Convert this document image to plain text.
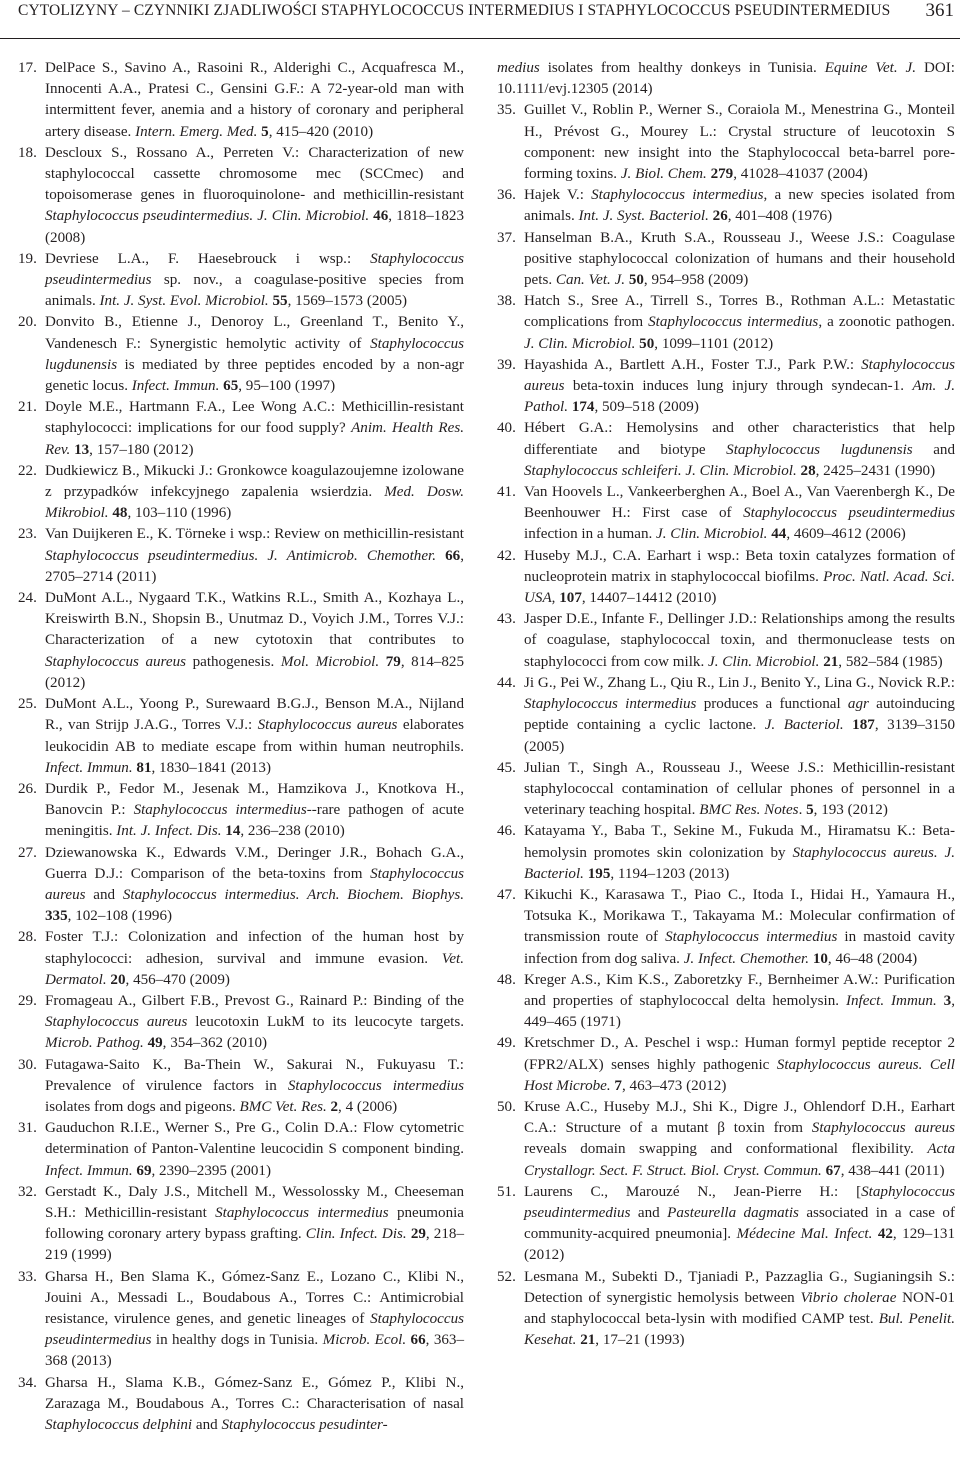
CYTOLIZYNY – CZYNNIKI ZJADLIWOŚCI STAPHYLOCOCCUS INTERMEDIUS I STAPHYLOCOCCUS PSEUDINTERMEDIUS 361

17. DelPace S., Savino A., Rasoini R., Alderighi C., Acquafresca M., Innocenti A.A., Pratesi C., Gensini G.F.: A 72-year-old man with intermittent fever, anemia and a history of coronary and peripheral artery disease. Intern. Emerg. Med. 5, 415–420 (2010)

18. Descloux S., Rossano A., Perreten V.: Characterization of new staphylococcal cassette chromosome mec (SCCmec) and topoisomerase genes in fluoroquinolone- and methicillin-resistant Staphylococcus pseudintermedius. J. Clin. Microbiol. 46, 1818–1823 (2008)

19. Devriese L.A., F. Haesebrouck i wsp.: Staphylococcus pseudintermedius sp. nov., a coagulase-positive species from animals. Int. J. Syst. Evol. Microbiol. 55, 1569–1573 (2005)

20. Donvito B., Etienne J., Denoroy L., Greenland T., Benito Y., Vandenesch F.: Synergistic hemolytic activity of Staphylococcus lugdunensis is mediated by three peptides encoded by a non-agr genetic locus. Infect. Immun. 65, 95–100 (1997)

21. Doyle M.E., Hartmann F.A., Lee Wong A.C.: Methicillin-resistant staphylococci: implications for our food supply? Anim. Health Res. Rev. 13, 157–180 (2012)

22. Dudkiewicz B., Mikucki J.: Gronkowce koagulazoujemne izolowane z przypadków infekcyjnego zapalenia wsierdzia. Med. Dosw. Mikrobiol. 48, 103–110 (1996)

23. Van Duijkeren E., K. Törneke i wsp.: Review on methicillin-resistant Staphylococcus pseudintermedius. J. Antimicrob. Chemother. 66, 2705–2714 (2011)

24. DuMont A.L., Nygaard T.K., Watkins R.L., Smith A., Kozhaya L., Kreiswirth B.N., Shopsin B., Unutmaz D., Voyich J.M., Torres V.J.: Characterization of a new cytotoxin that contributes to Staphylococcus aureus pathogenesis. Mol. Microbiol. 79, 814–825 (2012)

25. DuMont A.L., Yoong P., Surewaard B.G.J., Benson M.A., Nijland R., van Strijp J.A.G., Torres V.J.: Staphylococcus aureus elaborates leukocidin AB to mediate escape from within human neutrophils. Infect. Immun. 81, 1830–1841 (2013)

26. Durdik P., Fedor M., Jesenak M., Hamzikova J., Knotkova H., Banovcin P.: Staphylococcus intermedius--rare pathogen of acute meningitis. Int. J. Infect. Dis. 14, 236–238 (2010)

27. Dziewanowska K., Edwards V.M., Deringer J.R., Bohach G.A., Guerra D.J.: Comparison of the beta-toxins from Staphylococcus aureus and Staphylococcus intermedius. Arch. Biochem. Biophys. 335, 102–108 (1996)

28. Foster T.J.: Colonization and infection of the human host by staphylococci: adhesion, survival and immune evasion. Vet. Dermatol. 20, 456–470 (2009)

29. Fromageau A., Gilbert F.B., Prevost G., Rainard P.: Binding of the Staphylococcus aureus leucotoxin LukM to its leucocyte targets. Microb. Pathog. 49, 354–362 (2010)

30. Futagawa-Saito K., Ba-Thein W., Sakurai N., Fukuyasu T.: Prevalence of virulence factors in Staphylococcus intermedius isolates from dogs and pigeons. BMC Vet. Res. 2, 4 (2006)

31. Gauduchon R.I.E., Werner S., Pre G., Colin D.A.: Flow cytometric determination of Panton-Valentine leucocidin S component binding. Infect. Immun. 69, 2390–2395 (2001)

32. Gerstadt K., Daly J.S., Mitchell M., Wessolossky M., Cheeseman S.H.: Methicillin-resistant Staphylococcus intermedius pneumonia following coronary artery bypass grafting. Clin. Infect. Dis. 29, 218–219 (1999)

33. Gharsa H., Ben Slama K., Gómez-Sanz E., Lozano C., Klibi N., Jouini A., Messadi L., Boudabous A., Torres C.: Antimicrobial resistance, virulence genes, and genetic lineages of Staphylococcus pseudintermedius in healthy dogs in Tunisia. Microb. Ecol. 66, 363–368 (2013)

34. Gharsa H., Slama K.B., Gómez-Sanz E., Gómez P., Klibi N., Zarazaga M., Boudabous A., Torres C.: Characterisation of nasal Staphylococcus delphini and Staphylococcus pesudinter-

medius isolates from healthy donkeys in Tunisia. Equine Vet. J. DOI: 10.1111/evj.12305 (2014)

35. Guillet V., Roblin P., Werner S., Coraiola M., Menestrina G., Monteil H., Prévost G., Mourey L.: Crystal structure of leucotoxin S component: new insight into the Staphylococcal beta-barrel pore-forming toxins. J. Biol. Chem. 279, 41028–41037 (2004)

36. Hajek V.: Staphylococcus intermedius, a new species isolated from animals. Int. J. Syst. Bacteriol. 26, 401–408 (1976)

37. Hanselman B.A., Kruth S.A., Rousseau J., Weese J.S.: Coagulase positive staphylococcal colonization of humans and their household pets. Can. Vet. J. 50, 954–958 (2009)

38. Hatch S., Sree A., Tirrell S., Torres B., Rothman A.L.: Metastatic complications from Staphylococcus intermedius, a zoonotic pathogen. J. Clin. Microbiol. 50, 1099–1101 (2012)

39. Hayashida A., Bartlett A.H., Foster T.J., Park P.W.: Staphylococcus aureus beta-toxin induces lung injury through syndecan-1. Am. J. Pathol. 174, 509–518 (2009)

40. Hébert G.A.: Hemolysins and other characteristics that help differentiate and biotype Staphylococcus lugdunensis and Staphylococcus schleiferi. J. Clin. Microbiol. 28, 2425–2431 (1990)

41. Van Hoovels L., Vankeerberghen A., Boel A., Van Vaerenbergh K., De Beenhouwer H.: First case of Staphylococcus pseudintermedius infection in a human. J. Clin. Microbiol. 44, 4609–4612 (2006)

42. Huseby M.J., C.A. Earhart i wsp.: Beta toxin catalyzes formation of nucleoprotein matrix in staphylococcal biofilms. Proc. Natl. Acad. Sci. USA, 107, 14407–14412 (2010)

43. Jasper D.E., Infante F., Dellinger J.D.: Relationships among the results of coagulase, staphylococcal toxin, and thermonuclease tests on staphylococci from cow milk. J. Clin. Microbiol. 21, 582–584 (1985)

44. Ji G., Pei W., Zhang L., Qiu R., Lin J., Benito Y., Lina G., Novick R.P.: Staphylococcus intermedius produces a functional agr autoinducing peptide containing a cyclic lactone. J. Bacteriol. 187, 3139–3150 (2005)

45. Julian T., Singh A., Rousseau J., Weese J.S.: Methicillin-resistant staphylococcal contamination of cellular phones of personnel in a veterinary teaching hospital. BMC Res. Notes. 5, 193 (2012)

46. Katayama Y., Baba T., Sekine M., Fukuda M., Hiramatsu K.: Beta-hemolysin promotes skin colonization by Staphylococcus aureus. J. Bacteriol. 195, 1194–1203 (2013)

47. Kikuchi K., Karasawa T., Piao C., Itoda I., Hidai H., Yamaura H., Totsuka K., Morikawa T., Takayama M.: Molecular confirmation of transmission route of Staphylococcus intermedius in mastoid cavity infection from dog saliva. J. Infect. Chemother. 10, 46–48 (2004)

48. Kreger A.S., Kim K.S., Zaboretzky F., Bernheimer A.W.: Purification and properties of staphylococcal delta hemolysin. Infect. Immun. 3, 449–465 (1971)

49. Kretschmer D., A. Peschel i wsp.: Human formyl peptide receptor 2 (FPR2/ALX) senses highly pathogenic Staphylococcus aureus. Cell Host Microbe. 7, 463–473 (2012)

50. Kruse A.C., Huseby M.J., Shi K., Digre J., Ohlendorf D.H., Earhart C.A.: Structure of a mutant β toxin from Staphylococcus aureus reveals domain swapping and conformational flexibility. Acta Crystallogr. Sect. F. Struct. Biol. Cryst. Commun. 67, 438–441 (2011)

51. Laurens C., Marouzé N., Jean-Pierre H.: [Staphylococcus pseudintermedius and Pasteurella dagmatis associated in a case of community-acquired pneumonia]. Médecine Mal. Infect. 42, 129–131 (2012)

52. Lesmana M., Subekti D., Tjaniadi P., Pazzaglia G., Sugianingsih S.: Detection of synergistic hemolysis between Vibrio cholerae NON-01 and staphylococcal beta-lysin with modified CAMP test. Bul. Penelit. Kesehat. 21, 17–21 (1993)
